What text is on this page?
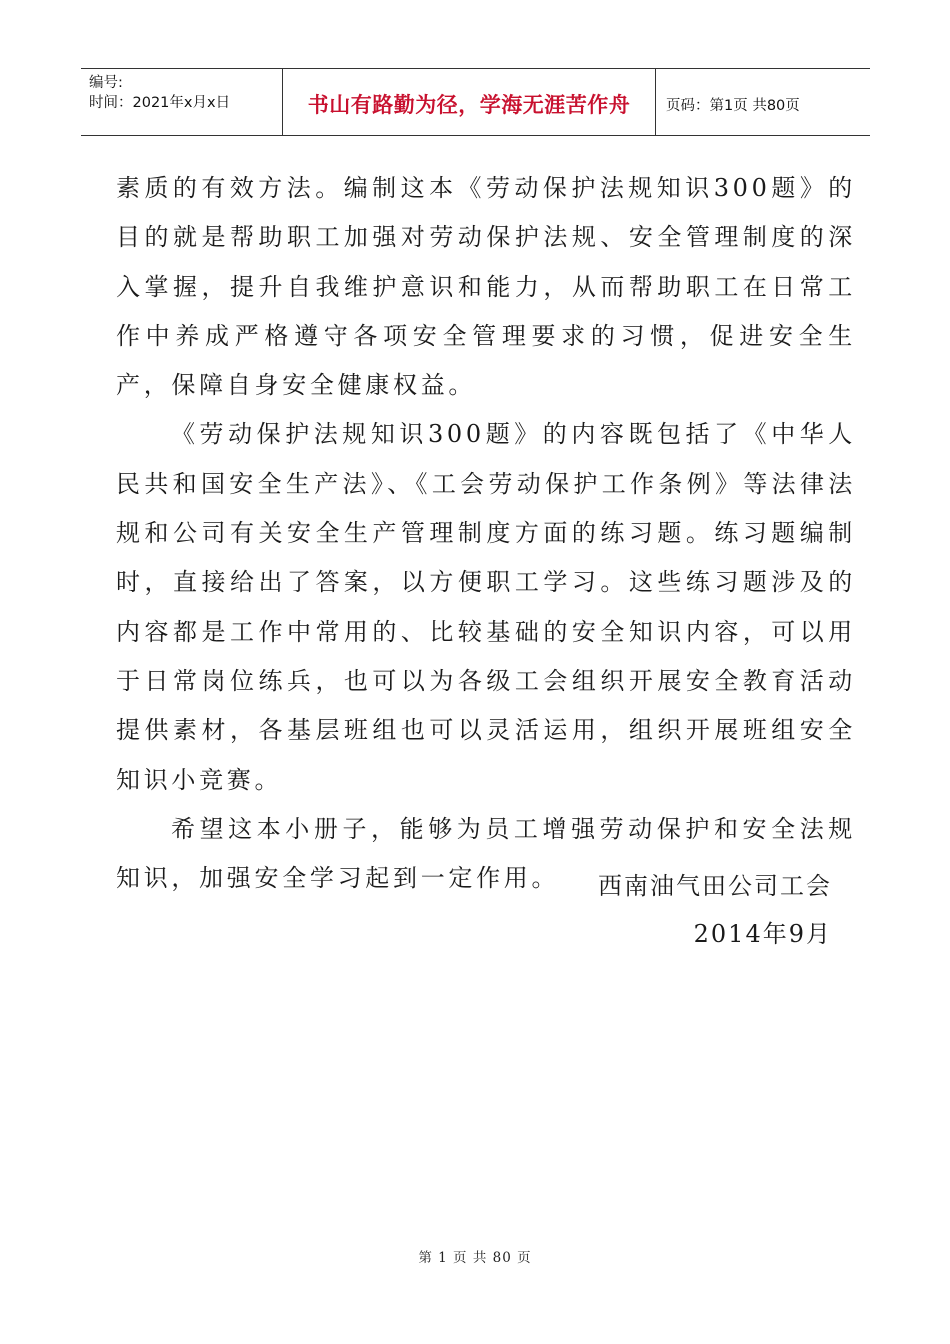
编号:
时间：2021年x月x日	书山有路勤为径，学海无涯苦作舟	页码：第1页 共80页

素质的有效方法。编制这本《劳动保护法规知识300题》的目的就是帮助职工加强对劳动保护法规、安全管理制度的深入掌握，提升自我维护意识和能力，从而帮助职工在日常工作中养成严格遵守各项安全管理要求的习惯，促进安全生产，保障自身安全健康权益。

《劳动保护法规知识300题》的内容既包括了《中华人民共和国安全生产法》、《工会劳动保护工作条例》等法律法规和公司有关安全生产管理制度方面的练习题。练习题编制时，直接给出了答案，以方便职工学习。这些练习题涉及的内容都是工作中常用的、比较基础的安全知识内容，可以用于日常岗位练兵，也可以为各级工会组织开展安全教育活动提供素材，各基层班组也可以灵活运用，组织开展班组安全知识小竞赛。

希望这本小册子，能够为员工增强劳动保护和安全法规知识，加强安全学习起到一定作用。	西南油气田公司工会
2014年9月
第 1 页 共 80 页
